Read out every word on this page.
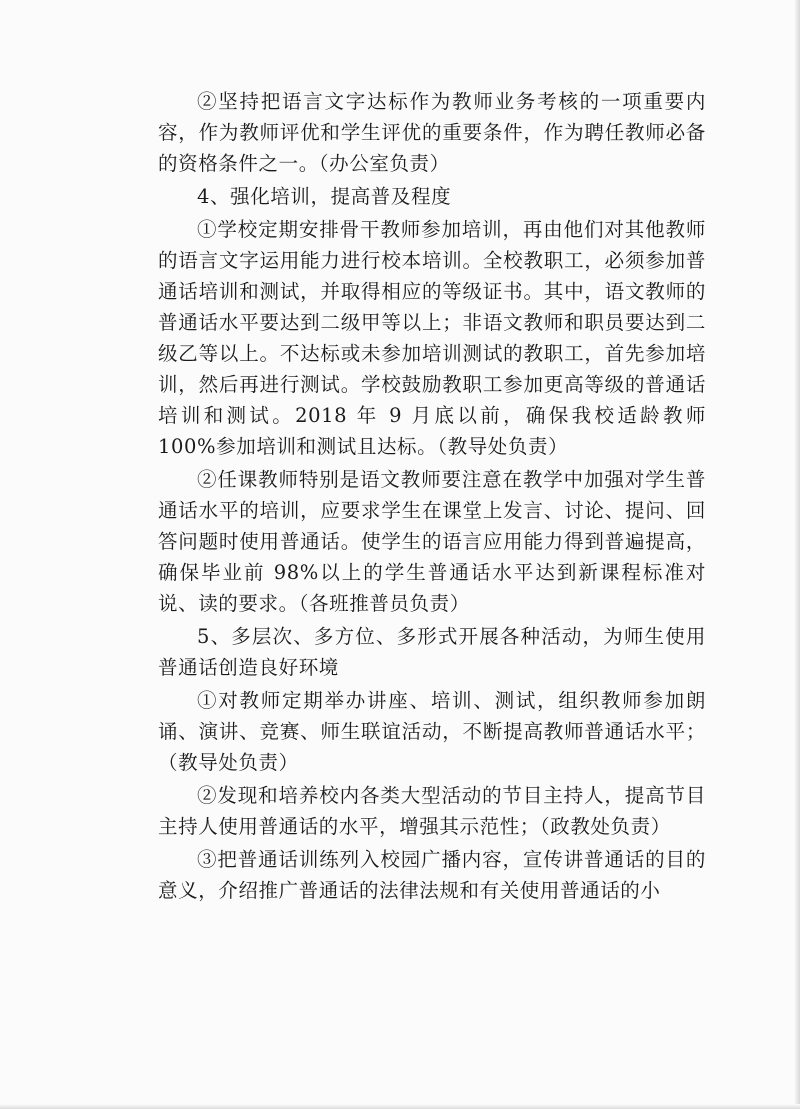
②坚持把语言文字达标作为教师业务考核的一项重要内容，作为教师评优和学生评优的重要条件，作为聘任教师必备的资格条件之一。（办公室负责）

4、强化培训，提高普及程度

①学校定期安排骨干教师参加培训，再由他们对其他教师的语言文字运用能力进行校本培训。全校教职工，必须参加普通话培训和测试，并取得相应的等级证书。其中，语文教师的普通话水平要达到二级甲等以上；非语文教师和职员要达到二级乙等以上。不达标或未参加培训测试的教职工，首先参加培训，然后再进行测试。学校鼓励教职工参加更高等级的普通话培训和测试。2018 年 9 月底以前，确保我校适龄教师 100%参加培训和测试且达标。（教导处负责）

②任课教师特别是语文教师要注意在教学中加强对学生普通话水平的培训，应要求学生在课堂上发言、讨论、提问、回答问题时使用普通话。使学生的语言应用能力得到普遍提高，确保毕业前 98%以上的学生普通话水平达到新课程标准对说、读的要求。（各班推普员负责）

5、多层次、多方位、多形式开展各种活动，为师生使用普通话创造良好环境

①对教师定期举办讲座、培训、测试，组织教师参加朗诵、演讲、竞赛、师生联谊活动，不断提高教师普通话水平；（教导处负责）

②发现和培养校内各类大型活动的节目主持人，提高节目主持人使用普通话的水平，增强其示范性；（政教处负责）

③把普通话训练列入校园广播内容，宣传讲普通话的目的意义，介绍推广普通话的法律法规和有关使用普通话的小
